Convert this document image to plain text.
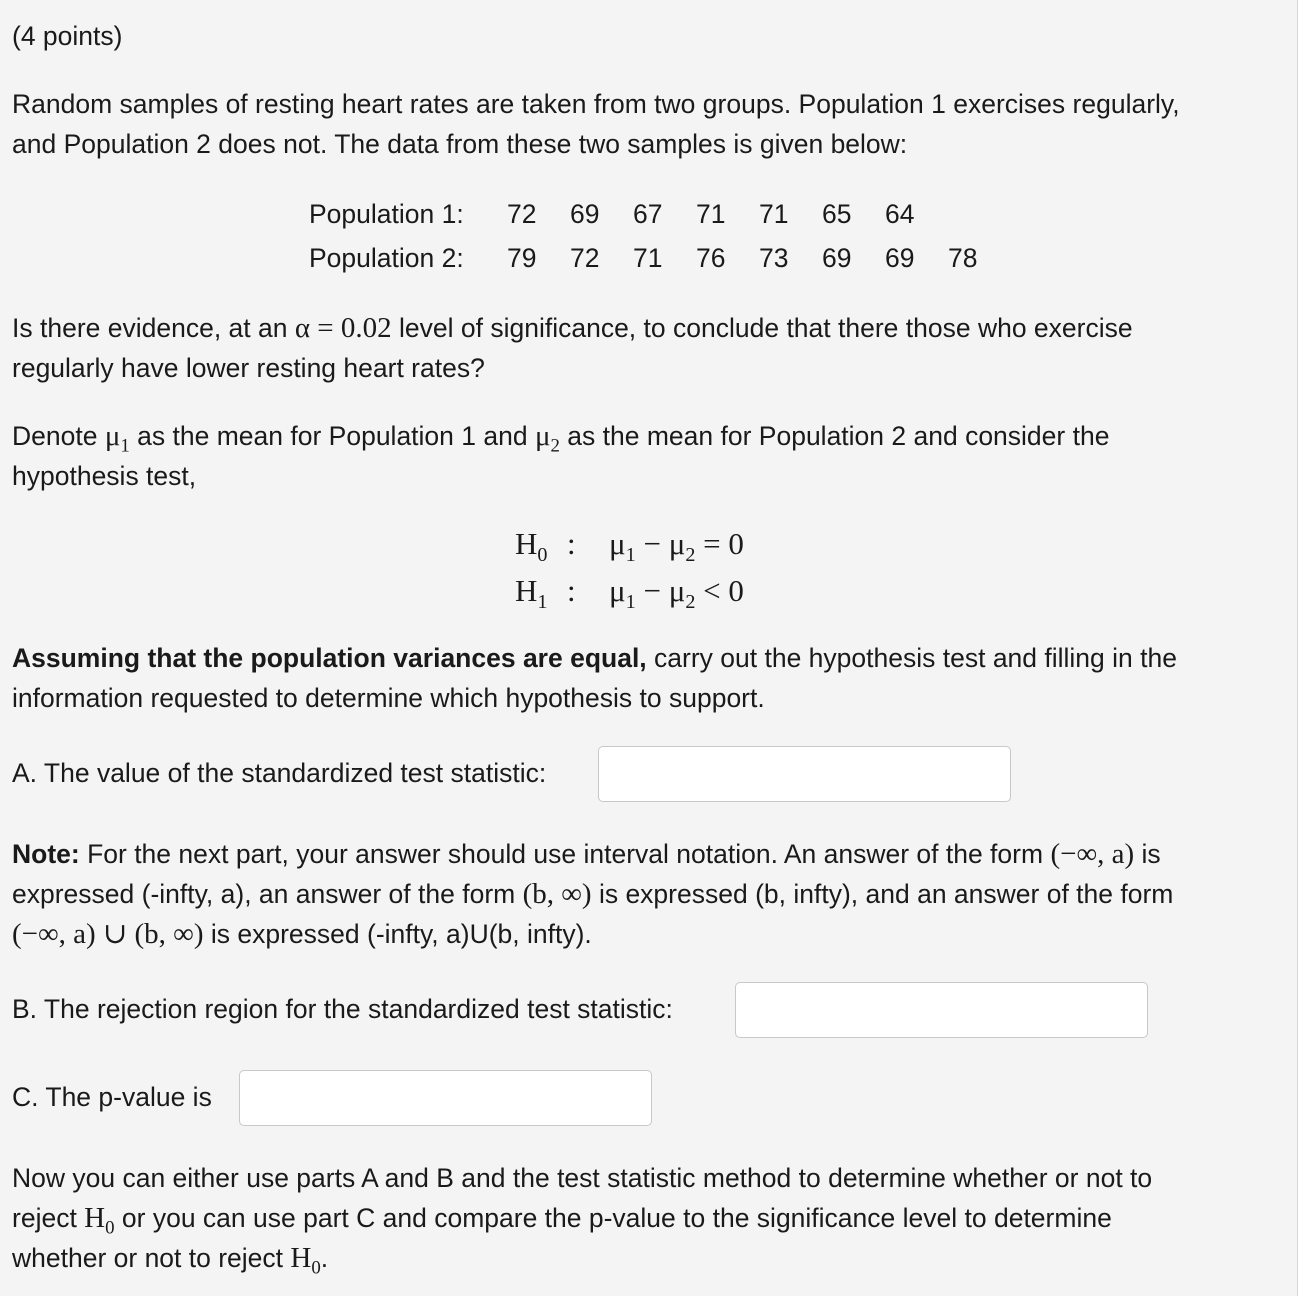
(4 points)
Random samples of resting heart rates are taken from two groups. Population 1 exercises regularly,
and Population 2 does not. The data from these two samples is given below:
Population 1:	72	69	67	71	71	65	64	
Population 2:	79	72	71	76	73	69	69	78
Is there evidence, at an α = 0.02 level of significance, to conclude that there those who exercise
regularly have lower resting heart rates?
Denote $\mu_1$ as the mean for Population 1 and $\mu_2$ as the mean for Population 2 and consider the
hypothesis test,
$H_0$ : $\mu_1 - \mu_2 = 0$
$H_1$ : $\mu_1 - \mu_2 < 0$
Assuming that the population variances are equal, carry out the hypothesis test and filling in the
information requested to determine which hypothesis to support.
A. The value of the standardized test statistic:
Note: For the next part, your answer should use interval notation. An answer of the form (−∞, a) is
expressed (-infty, a), an answer of the form (b, ∞) is expressed (b, infty), and an answer of the form
(−∞, a) ∪ (b, ∞) is expressed (-infty, a)U(b, infty).
B. The rejection region for the standardized test statistic:
C. The p-value is
Now you can either use parts A and B and the test statistic method to determine whether or not to
reject $H_0$ or you can use part C and compare the p-value to the significance level to determine
whether or not to reject $H_0$.
